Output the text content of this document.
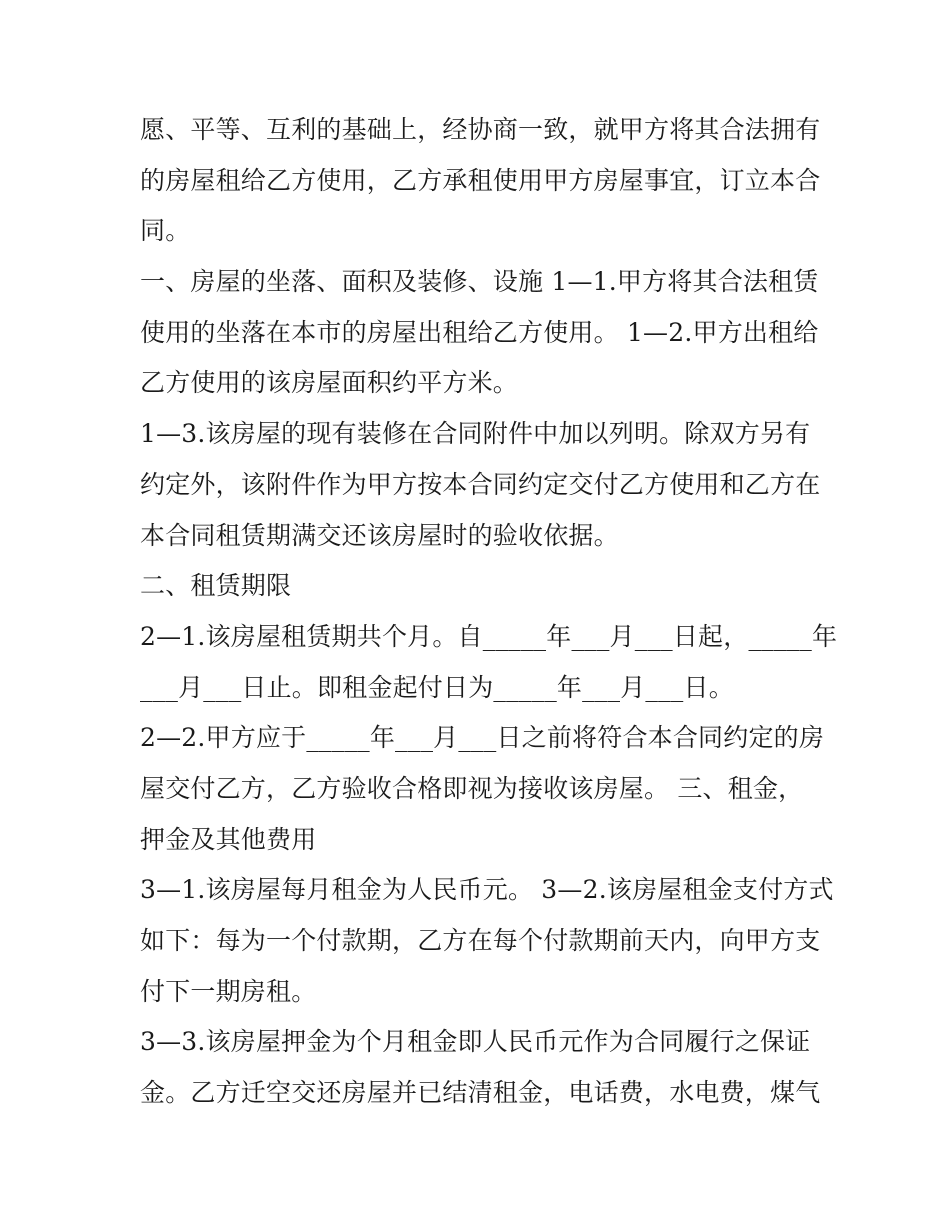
愿、平等、互利的基础上，经协商一致，就甲方将其合法拥有
的房屋租给乙方使用，乙方承租使用甲方房屋事宜，订立本合
同。
一、房屋的坐落、面积及装修、设施 1—1.甲方将其合法租赁
使用的坐落在本市的房屋出租给乙方使用。 1—2.甲方出租给
乙方使用的该房屋面积约平方米。
1—3.该房屋的现有装修在合同附件中加以列明。除双方另有
约定外，该附件作为甲方按本合同约定交付乙方使用和乙方在
本合同租赁期满交还该房屋时的验收依据。
二、租赁期限
2—1.该房屋租赁期共个月。自_____年___月___日起，_____年
___月___日止。即租金起付日为_____年___月___日。
2—2.甲方应于_____年___月___日之前将符合本合同约定的房
屋交付乙方，乙方验收合格即视为接收该房屋。 三、租金，
押金及其他费用
3—1.该房屋每月租金为人民币元。 3—2.该房屋租金支付方式
如下：每为一个付款期，乙方在每个付款期前天内，向甲方支
付下一期房租。
3—3.该房屋押金为个月租金即人民币元作为合同履行之保证
金。乙方迁空交还房屋并已结清租金，电话费，水电费，煤气
